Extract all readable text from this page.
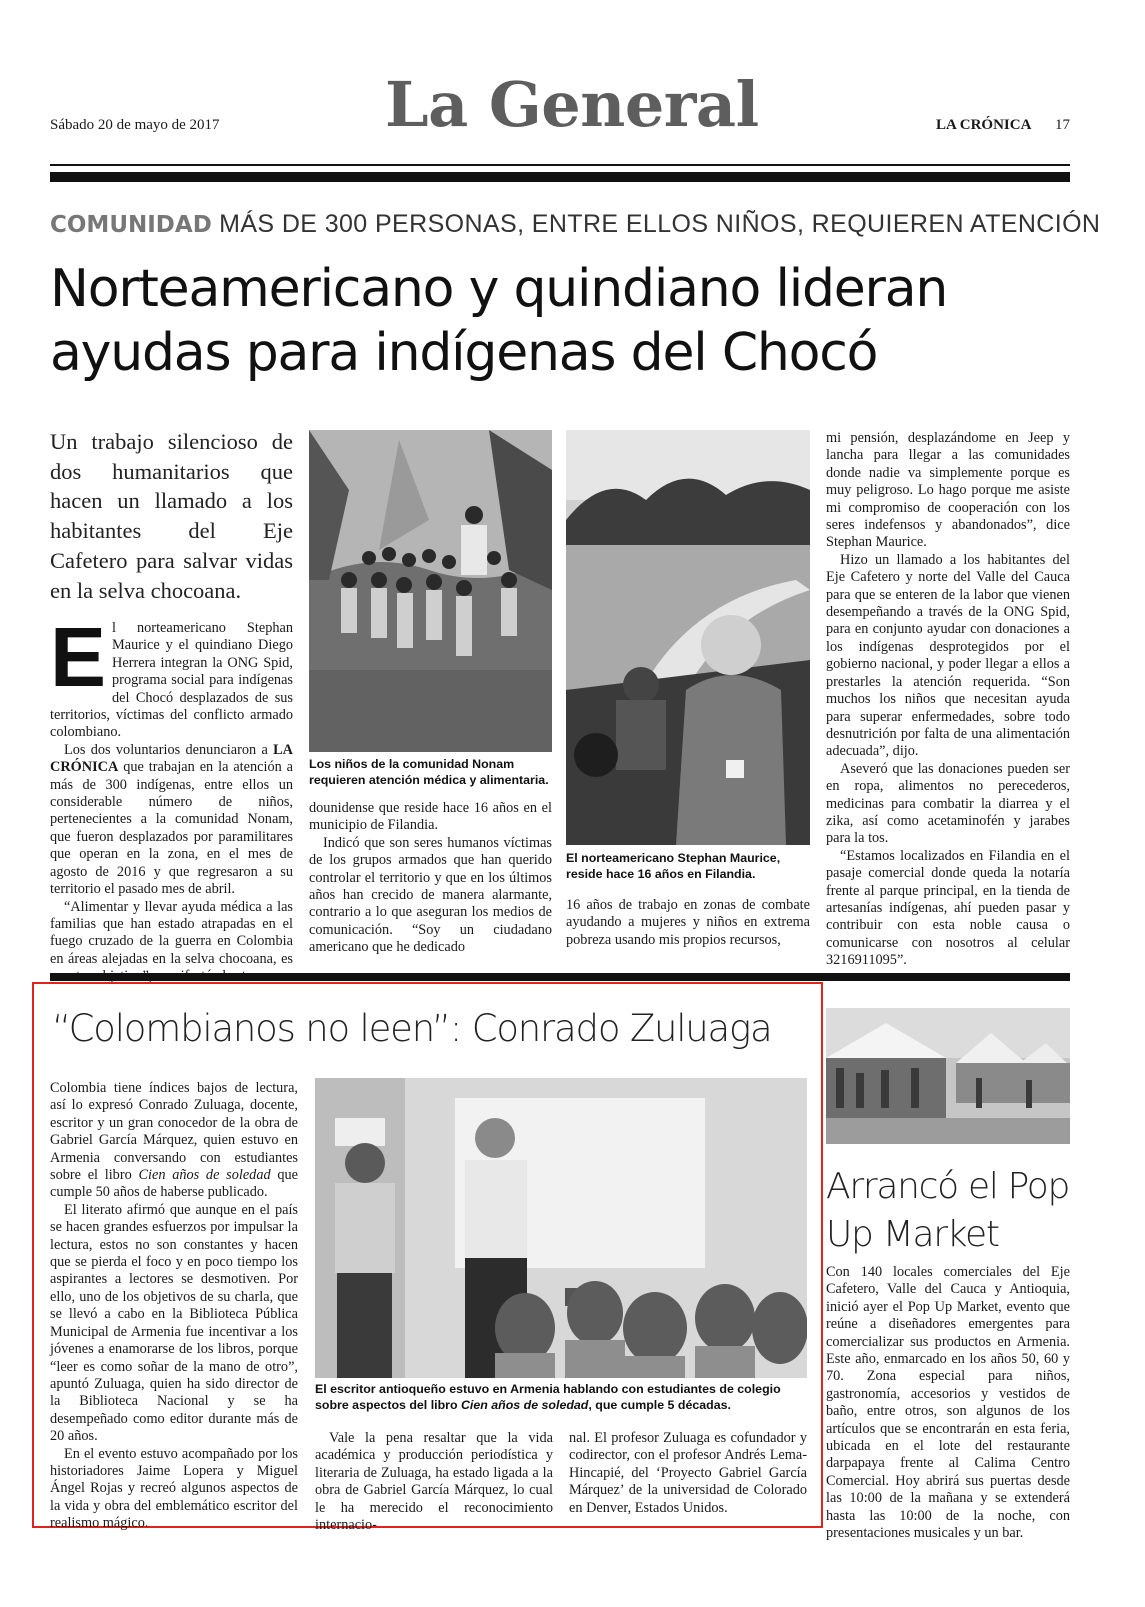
Sábado 20 de mayo de 2017	La General	LA CRÓNICA 17
COMUNIDAD MÁS DE 300 PERSONAS, ENTRE ELLOS NIÑOS, REQUIEREN ATENCIÓN
Norteamericano y quindiano lideran
ayudas para indígenas del Chocó
Un trabajo silencioso de dos humanitarios que hacen un llamado a los habitantes del Eje Cafetero para salvar vidas en la selva chocoana.
E l norteamericano Stephan Maurice y el quindiano Diego Herrera integran la ONG Spid, programa social para indígenas del Chocó desplazados de sus territorios, víctimas del conflicto armado colombiano.

Los dos voluntarios denunciaron a LA CRÓNICA que trabajan en la atención a más de 300 indígenas, entre ellos un considerable número de niños, pertenecientes a la comunidad Nonam, que fueron desplazados por paramilitares que operan en la zona, en el mes de agosto de 2016 y que regresaron a su territorio el pasado mes de abril.

“Alimentar y llevar ayuda médica a las familias que han estado atrapadas en el fuego cruzado de la guerra en Colombia en áreas alejadas en la selva chocoana, es

Los niños de la comunidad Nonam requieren atención médica y alimentaria.

dounidense que reside hace 16 años en el municipio de Filandia.

Indicó que son seres humanos víctimas de los grupos armados que han querido controlar el territorio y que en los últimos años han crecido de manera alarmante, contrario a lo que aseguran los medios de comunicación. “Soy un ciudadano americano que he dedicado

El norteamericano Stephan Maurice, reside hace 16 años en Filandia.

16 años de trabajo en zonas de combate ayudando a mujeres y niños en extrema pobreza usando mis propios recursos,

mi pensión, desplazándome en Jeep y lancha para llegar a las comunidades donde nadie va simplemente porque es muy peligroso. Lo hago porque me asiste mi compromiso de cooperación con los seres indefensos y abandonados”, dice Stephan Maurice.

Hizo un llamado a los habitantes del Eje Cafetero y norte del Valle del Cauca para que se enteren de la labor que vienen desempeñando a través de la ONG Spid, para en conjunto ayudar con donaciones a los indígenas desprotegidos por el gobierno nacional, y poder llegar a ellos a prestarles la atención requerida. “Son muchos los niños que necesitan ayuda para superar enfermedades, sobre todo desnutrición por falta de una alimentación adecuada”, dijo.

Aseveró que las donaciones pueden ser en ropa, alimentos no perecederos, medicinas para combatir la diarrea y el zika, así como acetaminofén y jarabes para la tos.

“Estamos localizados en Filandia en el pasaje comercial donde queda la notaría frente al parque principal, en la tienda de artesanías indígenas, ahí pueden pasar y contribuir con esta noble causa o comunicarse con nosotros al celular 3216911095”.

“Colombianos no leen”: Conrado Zuluaga

Colombia tiene índices bajos de lectura, así lo expresó Conrado Zuluaga, docente, escritor y un gran conocedor de la obra de Gabriel García Márquez, quien estuvo en Armenia conversando con estudiantes sobre el libro Cien años de soledad que cumple 50 años de haberse publicado.

El literato afirmó que aunque en el país se hacen grandes esfuerzos por impulsar la lectura, estos no son constantes y hacen que se pierda el foco y en poco tiempo los aspirantes a lectores se desmotiven. Por ello, uno de los objetivos de su charla, que se llevó a cabo en la Biblioteca Pública Municipal de Armenia fue incentivar a los jóvenes a enamorarse de los libros, porque “leer es como soñar de la mano de otro”, apuntó Zuluaga, quien ha sido director de la Biblioteca Nacional y se ha desempeñado como editor durante más de 20 años.

En el evento estuvo acompañado por los historiadores Jaime Lopera y Miguel Ángel Rojas y recreó algunos aspectos de la vida y obra del emblemático escritor del realismo mágico.

El escritor antioqueño estuvo en Armenia hablando con estudiantes de colegio sobre aspectos del libro Cien años de soledad, que cumple 5 décadas.

Vale la pena resaltar que la vida académica y producción periodística y literaria de Zuluaga, ha estado ligada a la obra de Gabriel García Márquez, lo cual le ha merecido el reconocimiento internacio-

nal. El profesor Zuluaga es cofundador y codirector, con el profesor Andrés Lema-Hincapié, del ‘Proyecto Gabriel García Márquez’ de la universidad de Colorado en Denver, Estados Unidos.

Arrancó el Pop
Up Market

Con 140 locales comerciales del Eje Cafetero, Valle del Cauca y Antioquia, inició ayer el Pop Up Market, evento que reúne a diseñadores emergentes para comercializar sus productos en Armenia. Este año, enmarcado en los años 50, 60 y 70. Zona especial para niños, gastronomía, accesorios y vestidos de baño, entre otros, son algunos de los artículos que se encontrarán en esta feria, ubicada en el lote del restaurante darpapaya frente al Calima Centro Comercial. Hoy abrirá sus puertas desde las 10:00 de la mañana y se extenderá hasta las 10:00 de la noche, con presentaciones musicales y un bar.
